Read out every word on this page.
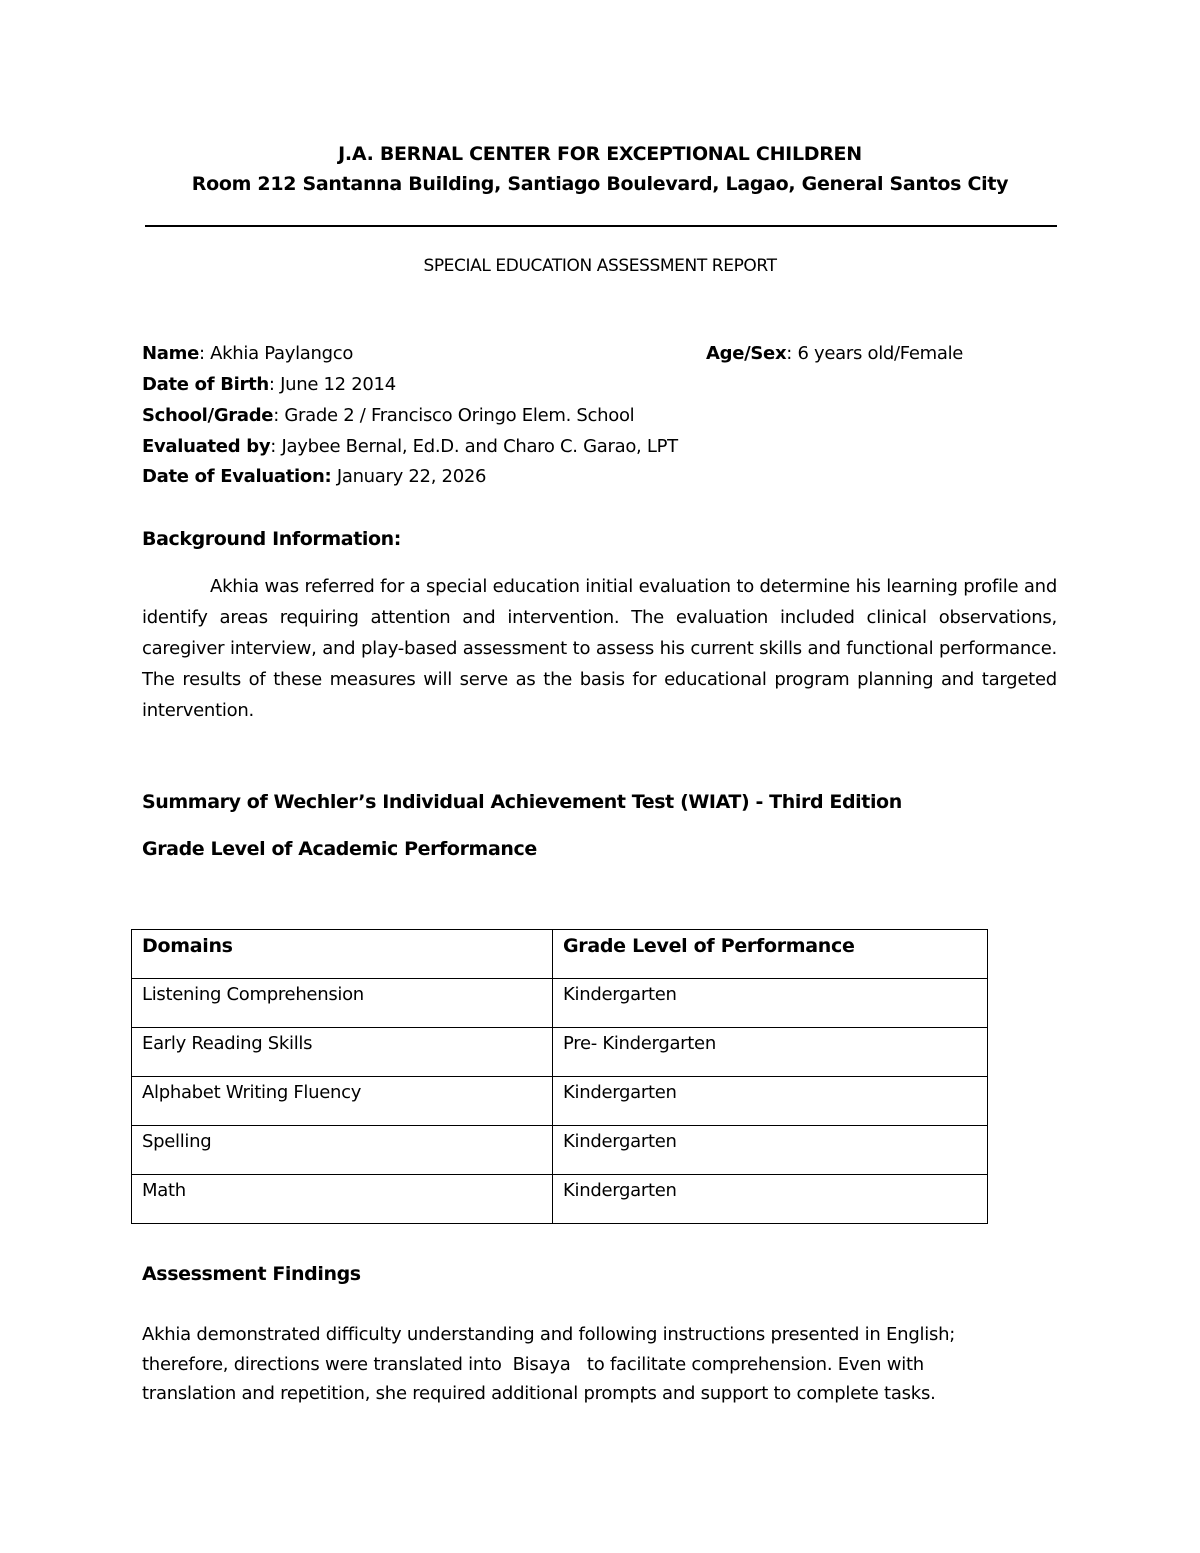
J.A. BERNAL CENTER FOR EXCEPTIONAL CHILDREN
Room 212 Santanna Building, Santiago Boulevard, Lagao, General Santos City
SPECIAL EDUCATION ASSESSMENT REPORT
Name: Akhia Paylangco	Age/Sex: 6 years old/Female
Date of Birth: June 12 2014
School/Grade: Grade 2 / Francisco Oringo Elem. School
Evaluated by: Jaybee Bernal, Ed.D. and Charo C. Garao, LPT
Date of Evaluation: January 22, 2026
Background Information:
Akhia was referred for a special education initial evaluation to determine his learning profile and identify areas requiring attention and intervention. The evaluation included clinical observations, caregiver interview, and play-based assessment to assess his current skills and functional performance. The results of these measures will serve as the basis for educational program planning and targeted intervention.
Summary of Wechler’s Individual Achievement Test (WIAT) - Third Edition
Grade Level of Academic Performance
Domains	Grade Level of Performance
Listening Comprehension	Kindergarten
Early Reading Skills	Pre- Kindergarten
Alphabet Writing Fluency	Kindergarten
Spelling	Kindergarten
Math	Kindergarten
Assessment Findings
Akhia demonstrated difficulty understanding and following instructions presented in English;
therefore, directions were translated into  Bisaya   to facilitate comprehension. Even with
translation and repetition, she required additional prompts and support to complete tasks.
